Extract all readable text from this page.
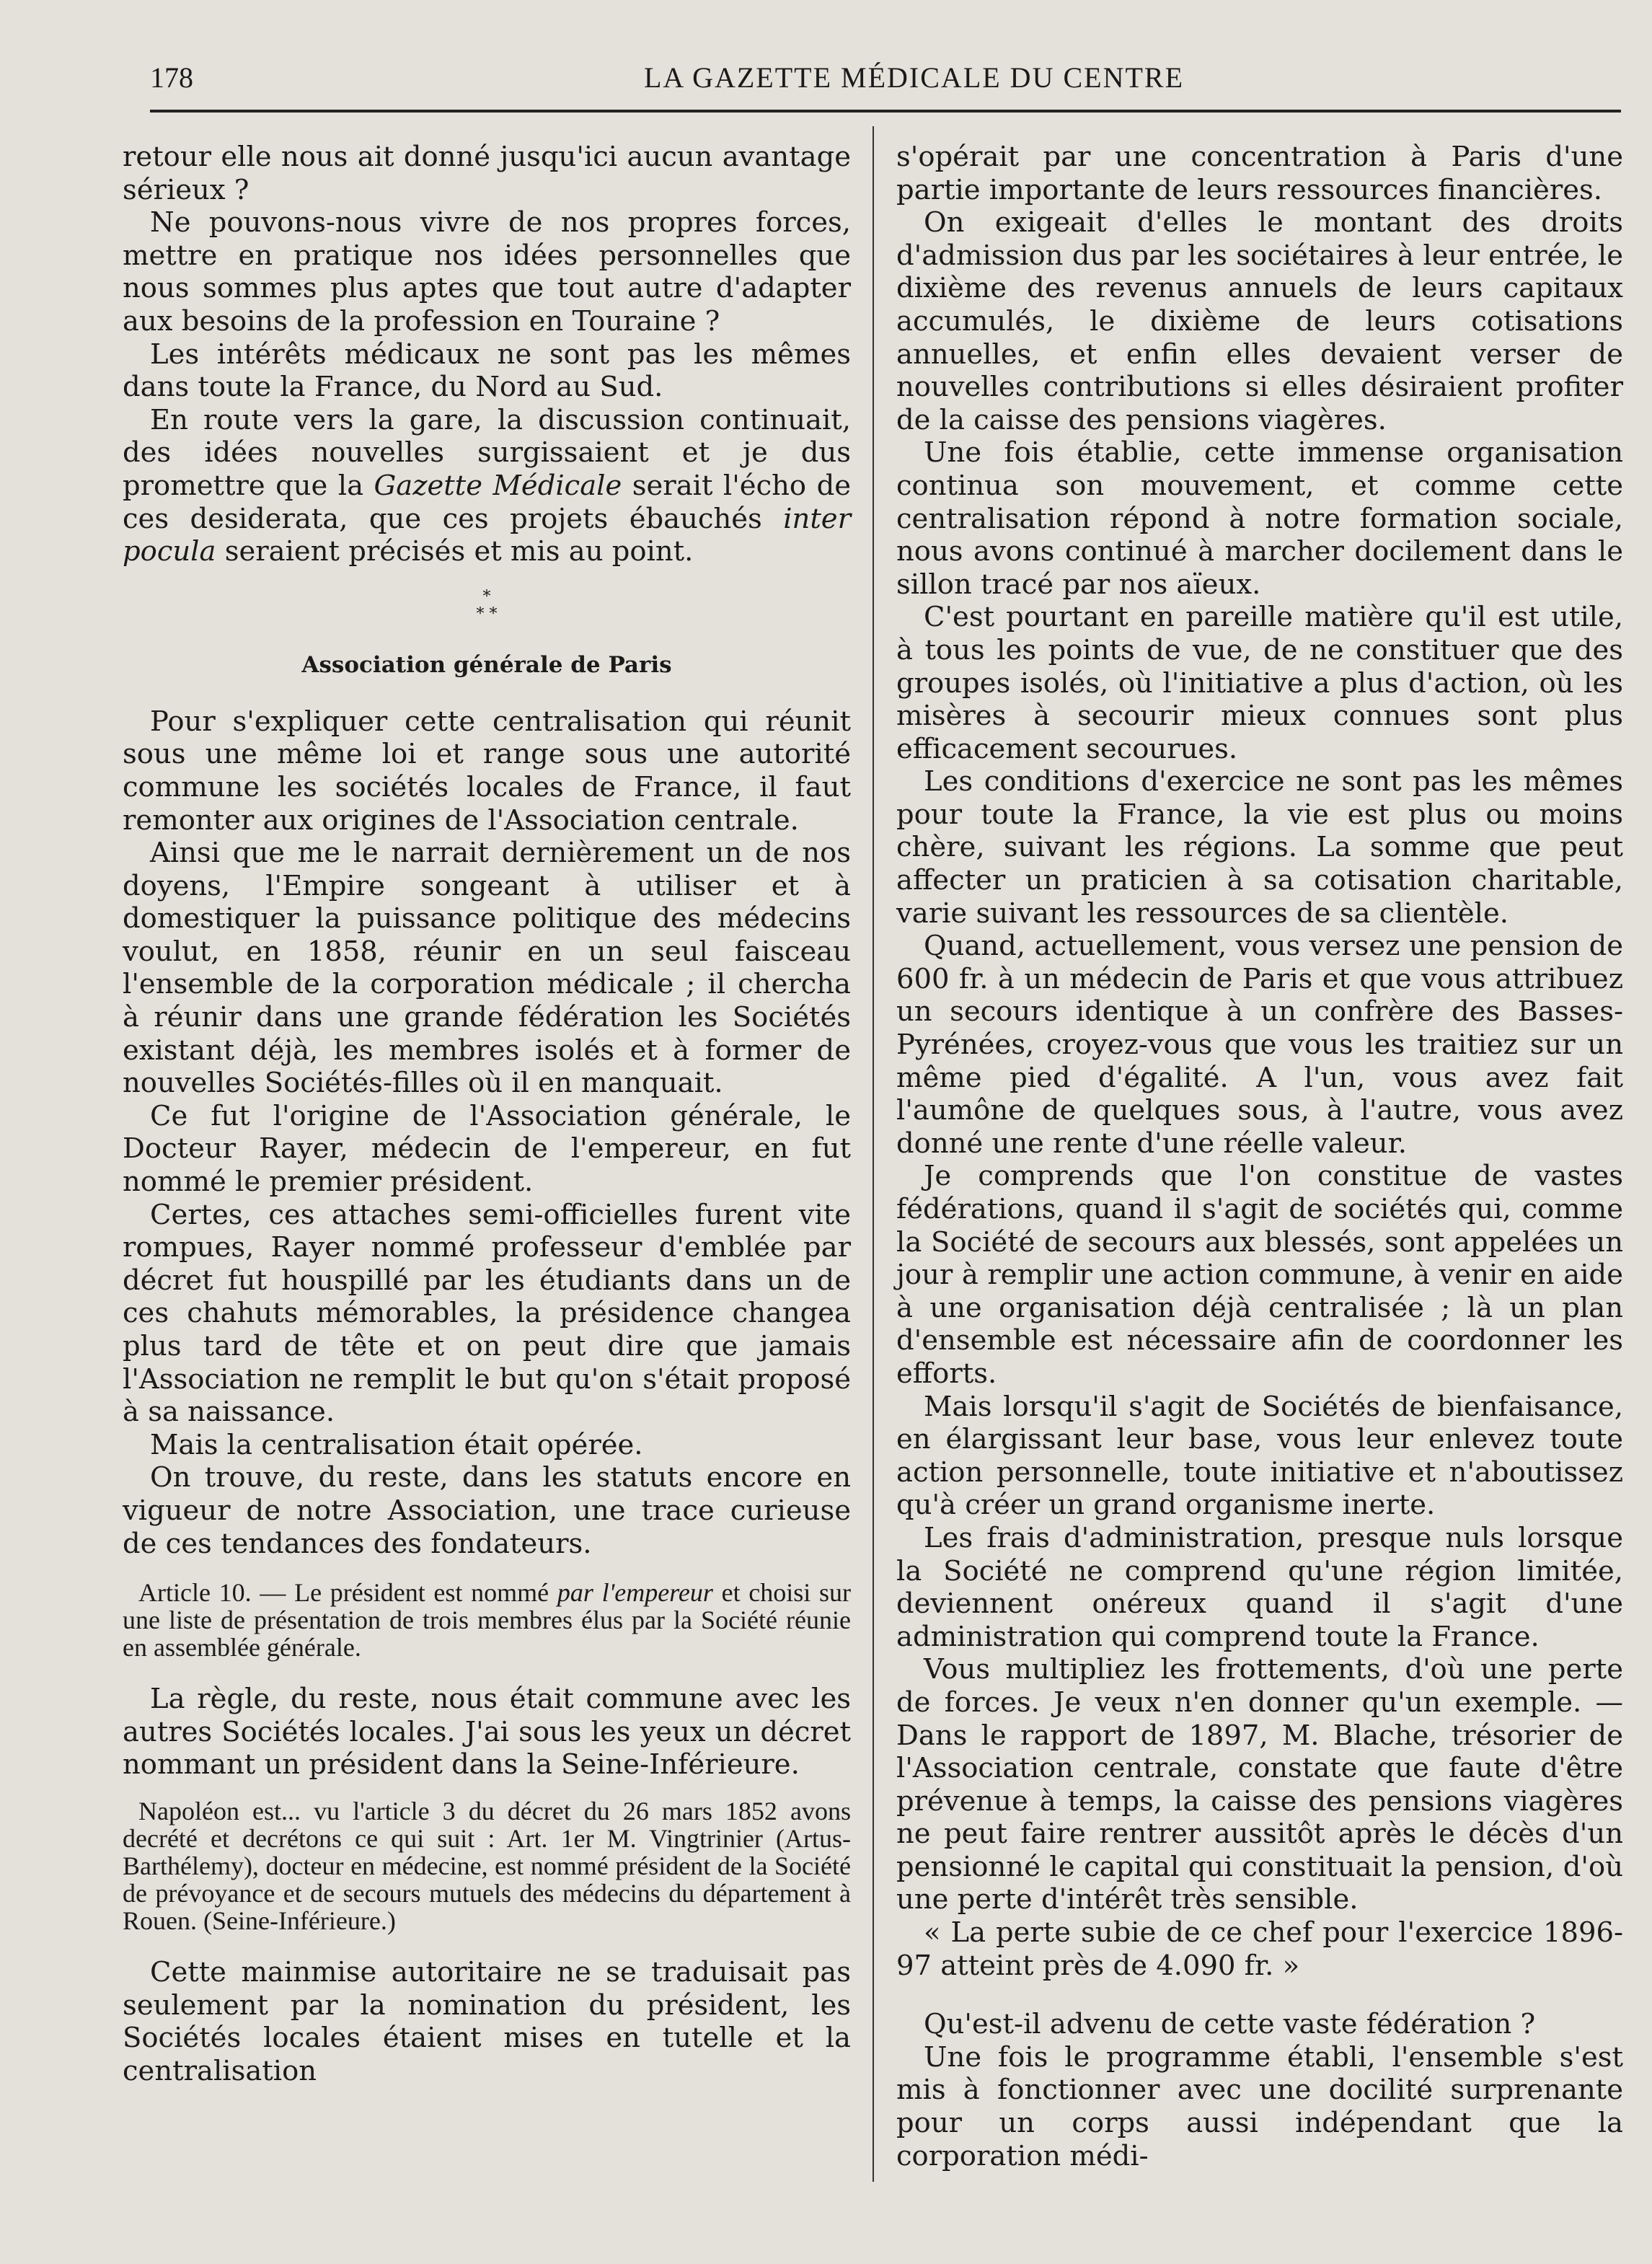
178	LA GAZETTE MÉDICALE DU CENTRE

retour elle nous ait donné jusqu'ici aucun avantage sérieux ?

Ne pouvons-nous vivre de nos propres forces, mettre en pratique nos idées personnelles que nous sommes plus aptes que tout autre d'adapter aux besoins de la profession en Touraine ?

Les intérêts médicaux ne sont pas les mêmes dans toute la France, du Nord au Sud.

En route vers la gare, la discussion continuait, des idées nouvelles surgissaient et je dus promettre que la Gazette Médicale serait l'écho de ces desiderata, que ces projets ébauchés inter pocula seraient précisés et mis au point.

*
* *
Association générale de Paris

Pour s'expliquer cette centralisation qui réunit sous une même loi et range sous une autorité commune les sociétés locales de France, il faut remonter aux origines de l'Association centrale.

Ainsi que me le narrait dernièrement un de nos doyens, l'Empire songeant à utiliser et à domestiquer la puissance politique des médecins voulut, en 1858, réunir en un seul faisceau l'ensemble de la corporation médicale ; il chercha à réunir dans une grande fédération les Sociétés existant déjà, les membres isolés et à former de nouvelles Sociétés-filles où il en manquait.

Ce fut l'origine de l'Association générale, le Docteur Rayer, médecin de l'empereur, en fut nommé le premier président.

Certes, ces attaches semi-officielles furent vite rompues, Rayer nommé professeur d'emblée par décret fut houspillé par les étudiants dans un de ces chahuts mémorables, la présidence changea plus tard de tête et on peut dire que jamais l'Association ne remplit le but qu'on s'était proposé à sa naissance.

Mais la centralisation était opérée.

On trouve, du reste, dans les statuts encore en vigueur de notre Association, une trace curieuse de ces tendances des fondateurs.

Article 10. — Le président est nommé par l'empereur et choisi sur une liste de présentation de trois membres élus par la Société réunie en assemblée générale.

La règle, du reste, nous était commune avec les autres Sociétés locales. J'ai sous les yeux un décret nommant un président dans la Seine-Inférieure.

Napoléon est... vu l'article 3 du décret du 26 mars 1852 avons decrété et decrétons ce qui suit : Art. 1er M. Vingtrinier (Artus-Barthélemy), docteur en médecine, est nommé président de la Société de prévoyance et de secours mutuels des médecins du département à Rouen. (Seine-Inférieure.)

Cette mainmise autoritaire ne se traduisait pas seulement par la nomination du président, les Sociétés locales étaient mises en tutelle et la centralisation

s'opérait par une concentration à Paris d'une partie importante de leurs ressources financières.

On exigeait d'elles le montant des droits d'admission dus par les sociétaires à leur entrée, le dixième des revenus annuels de leurs capitaux accumulés, le dixième de leurs cotisations annuelles, et enfin elles devaient verser de nouvelles contributions si elles désiraient profiter de la caisse des pensions viagères.

Une fois établie, cette immense organisation continua son mouvement, et comme cette centralisation répond à notre formation sociale, nous avons continué à marcher docilement dans le sillon tracé par nos aïeux.

C'est pourtant en pareille matière qu'il est utile, à tous les points de vue, de ne constituer que des groupes isolés, où l'initiative a plus d'action, où les misères à secourir mieux connues sont plus efficacement secourues.

Les conditions d'exercice ne sont pas les mêmes pour toute la France, la vie est plus ou moins chère, suivant les régions. La somme que peut affecter un praticien à sa cotisation charitable, varie suivant les ressources de sa clientèle.

Quand, actuellement, vous versez une pension de 600 fr. à un médecin de Paris et que vous attribuez un secours identique à un confrère des Basses-Pyrénées, croyez-vous que vous les traitiez sur un même pied d'égalité. A l'un, vous avez fait l'aumône de quelques sous, à l'autre, vous avez donné une rente d'une réelle valeur.

Je comprends que l'on constitue de vastes fédérations, quand il s'agit de sociétés qui, comme la Société de secours aux blessés, sont appelées un jour à remplir une action commune, à venir en aide à une organisation déjà centralisée ; là un plan d'ensemble est nécessaire afin de coordonner les efforts.

Mais lorsqu'il s'agit de Sociétés de bienfaisance, en élargissant leur base, vous leur enlevez toute action personnelle, toute initiative et n'aboutissez qu'à créer un grand organisme inerte.

Les frais d'administration, presque nuls lorsque la Société ne comprend qu'une région limitée, deviennent onéreux quand il s'agit d'une administration qui comprend toute la France.

Vous multipliez les frottements, d'où une perte de forces. Je veux n'en donner qu'un exemple. — Dans le rapport de 1897, M. Blache, trésorier de l'Association centrale, constate que faute d'être prévenue à temps, la caisse des pensions viagères ne peut faire rentrer aussitôt après le décès d'un pensionné le capital qui constituait la pension, d'où une perte d'intérêt très sensible.

« La perte subie de ce chef pour l'exercice 1896-97 atteint près de 4.090 fr. »

Qu'est-il advenu de cette vaste fédération ?

Une fois le programme établi, l'ensemble s'est mis à fonctionner avec une docilité surprenante pour un corps aussi indépendant que la corporation médi-
